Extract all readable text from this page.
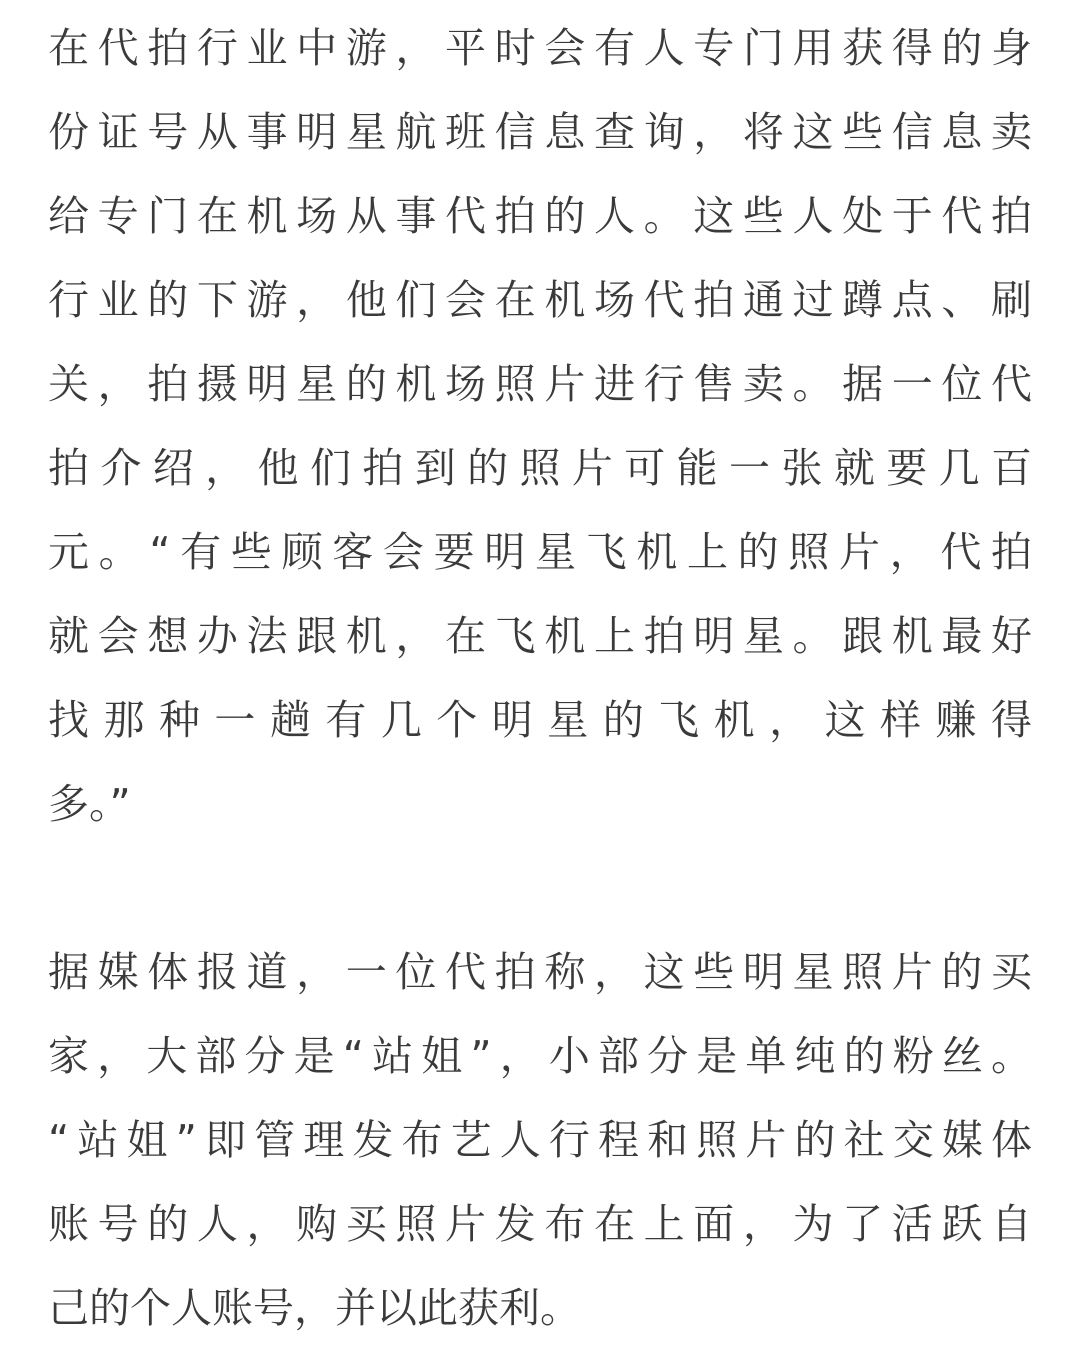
在代拍行业中游，平时会有人专门用获得的身
份证号从事明星航班信息查询，将这些信息卖
给专门在机场从事代拍的人。这些人处于代拍
行业的下游，他们会在机场代拍通过蹲点、刷
关，拍摄明星的机场照片进行售卖。据一位代
拍介绍，他们拍到的照片可能一张就要几百
元。“有些顾客会要明星飞机上的照片，代拍
就会想办法跟机，在飞机上拍明星。跟机最好
找那种一趟有几个明星的飞机，这样赚得
多。”

据媒体报道，一位代拍称，这些明星照片的买
家，大部分是“站姐”，小部分是单纯的粉丝。
“站姐”即管理发布艺人行程和照片的社交媒体
账号的人，购买照片发布在上面，为了活跃自
己的个人账号，并以此获利。
